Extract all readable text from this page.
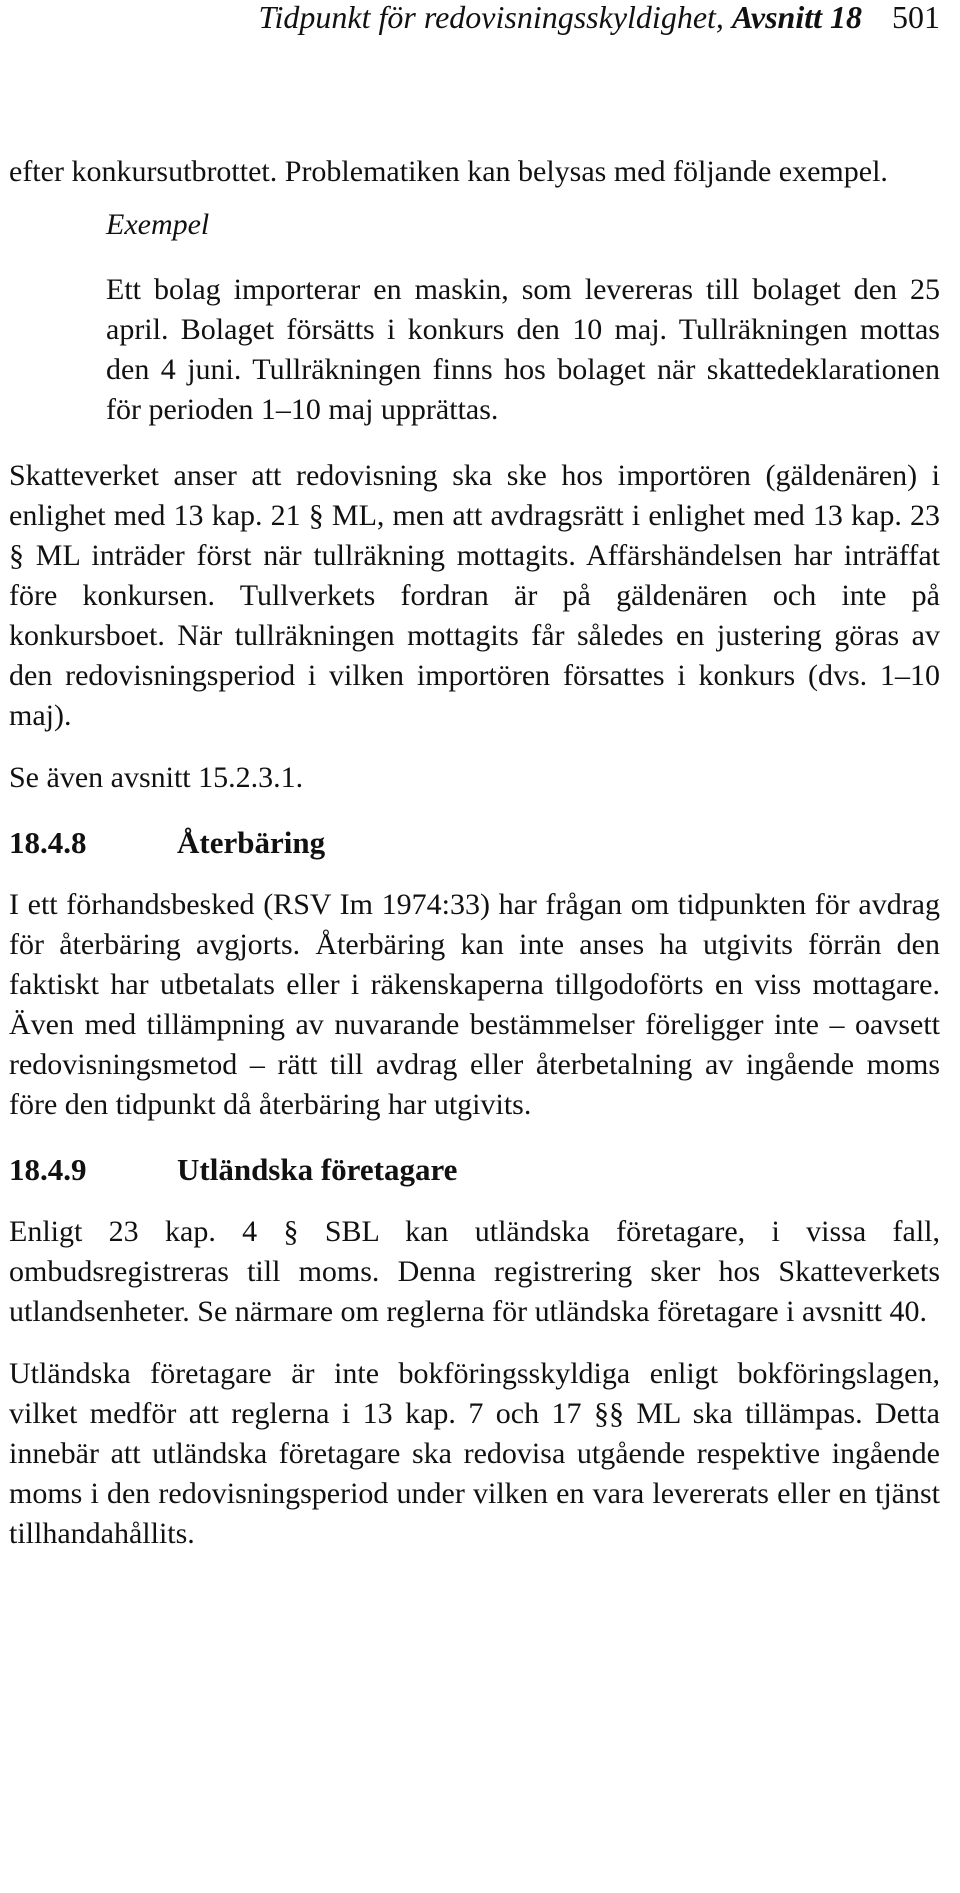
Tidpunkt för redovisningsskyldighet, Avsnitt 18 501

efter konkursutbrottet. Problematiken kan belysas med följande exempel.

Exempel

Ett bolag importerar en maskin, som levereras till bolaget den 25 april. Bolaget försätts i konkurs den 10 maj. Tullräkningen mottas den 4 juni. Tullräkningen finns hos bolaget när skattedeklarationen för perioden 1–10 maj upprättas.

Skatteverket anser att redovisning ska ske hos importören (gäldenären) i enlighet med 13 kap. 21 § ML, men att avdragsrätt i enlighet med 13 kap. 23 § ML inträder först när tullräkning mottagits. Affärshändelsen har inträffat före konkursen. Tullverkets fordran är på gäldenären och inte på konkursboet. När tullräkningen mottagits får således en justering göras av den redovisningsperiod i vilken importören försattes i konkurs (dvs. 1–10 maj).

Se även avsnitt 15.2.3.1.

18.4.8	Återbäring

I ett förhandsbesked (RSV Im 1974:33) har frågan om tidpunkten för avdrag för återbäring avgjorts. Återbäring kan inte anses ha utgivits förrän den faktiskt har utbetalats eller i räkenskaperna tillgodoförts en viss mottagare. Även med tillämpning av nuvarande bestämmelser föreligger inte – oavsett redovisningsmetod – rätt till avdrag eller återbetalning av ingående moms före den tidpunkt då återbäring har utgivits.

18.4.9	Utländska företagare

Enligt 23 kap. 4 § SBL kan utländska företagare, i vissa fall, ombudsregistreras till moms. Denna registrering sker hos Skatteverkets utlandsenheter. Se närmare om reglerna för utländska företagare i avsnitt 40.

Utländska företagare är inte bokföringsskyldiga enligt bokföringslagen, vilket medför att reglerna i 13 kap. 7 och 17 §§ ML ska tillämpas. Detta innebär att utländska företagare ska redovisa utgående respektive ingående moms i den redovisningsperiod under vilken en vara levererats eller en tjänst tillhandahållits.
